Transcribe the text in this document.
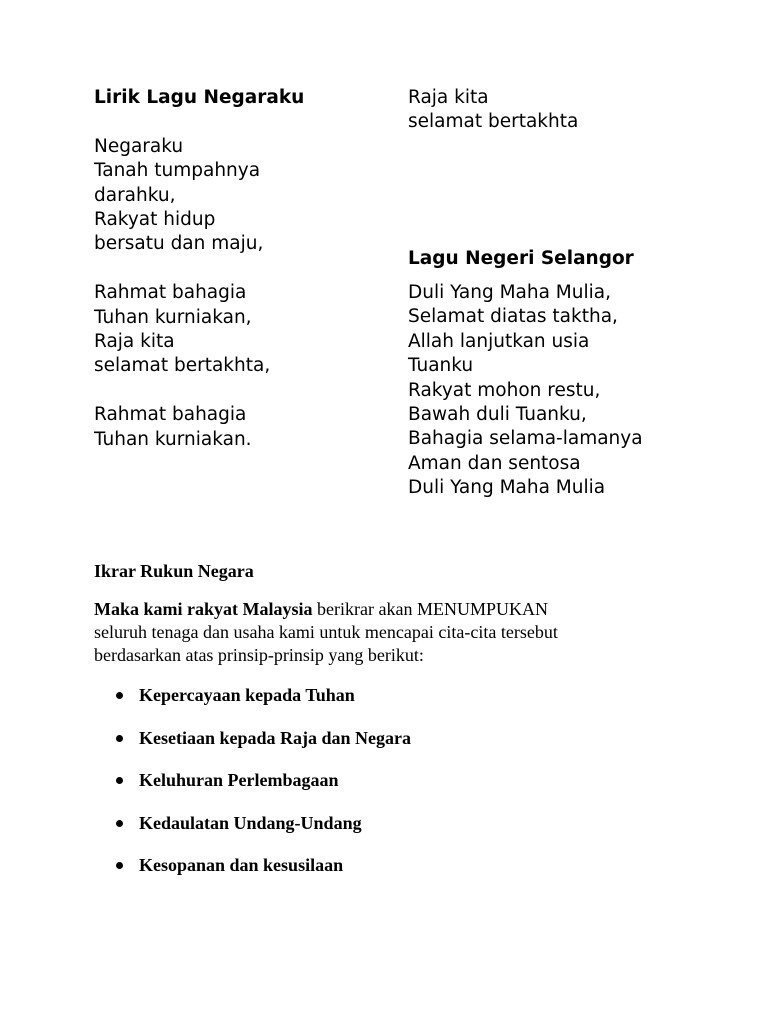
Lirik Lagu Negaraku
Negaraku
Tanah tumpahnya
darahku,
Rakyat hidup
bersatu dan maju,
Rahmat bahagia
Tuhan kurniakan,
Raja kita
selamat bertakhta,
Rahmat bahagia
Tuhan kurniakan.
Raja kita
selamat bertakhta
Lagu Negeri Selangor
Duli Yang Maha Mulia,
Selamat diatas taktha,
Allah lanjutkan usia
Tuanku
Rakyat mohon restu,
Bawah duli Tuanku,
Bahagia selama-lamanya
Aman dan sentosa
Duli Yang Maha Mulia
Ikrar Rukun Negara
Maka kami rakyat Malaysia berikrar akan MENUMPUKAN
seluruh tenaga dan usaha kami untuk mencapai cita-cita tersebut
berdasarkan atas prinsip-prinsip yang berikut:
Kepercayaan kepada Tuhan
Kesetiaan kepada Raja dan Negara
Keluhuran Perlembagaan
Kedaulatan Undang-Undang
Kesopanan dan kesusilaan
